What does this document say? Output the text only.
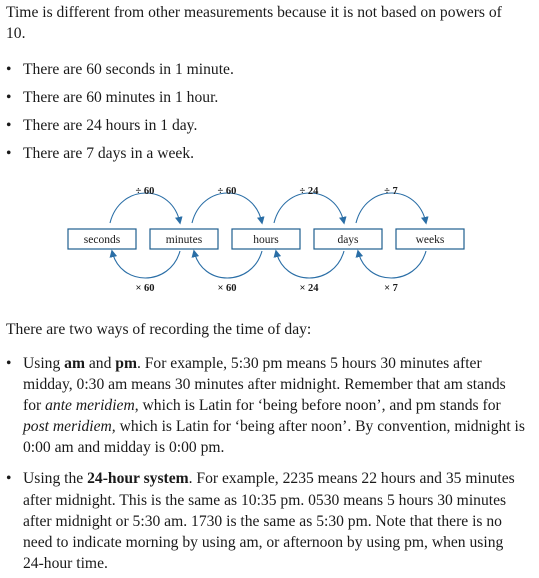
Time is different from other measurements because it is not based on powers of 10.

• There are 60 seconds in 1 minute.
• There are 60 minutes in 1 hour.
• There are 24 hours in 1 day.
• There are 7 days in a week.
seconds	minutes	hours	days	weeks
÷ 60	÷ 60	÷ 24	÷ 7
× 60	× 60	× 24	× 7

There are two ways of recording the time of day:

• Using am and pm. For example, 5:30 pm means 5 hours 30 minutes after midday, 0:30 am means 30 minutes after midnight. Remember that am stands for ante meridiem, which is Latin for ‘being before noon’, and pm stands for post meridiem, which is Latin for ‘being after noon’. By convention, midnight is 0:00 am and midday is 0:00 pm.
• Using the 24-hour system. For example, 2235 means 22 hours and 35 minutes after midnight. This is the same as 10:35 pm. 0530 means 5 hours 30 minutes after midnight or 5:30 am. 1730 is the same as 5:30 pm. Note that there is no need to indicate morning by using am, or afternoon by using pm, when using 24-hour time.
